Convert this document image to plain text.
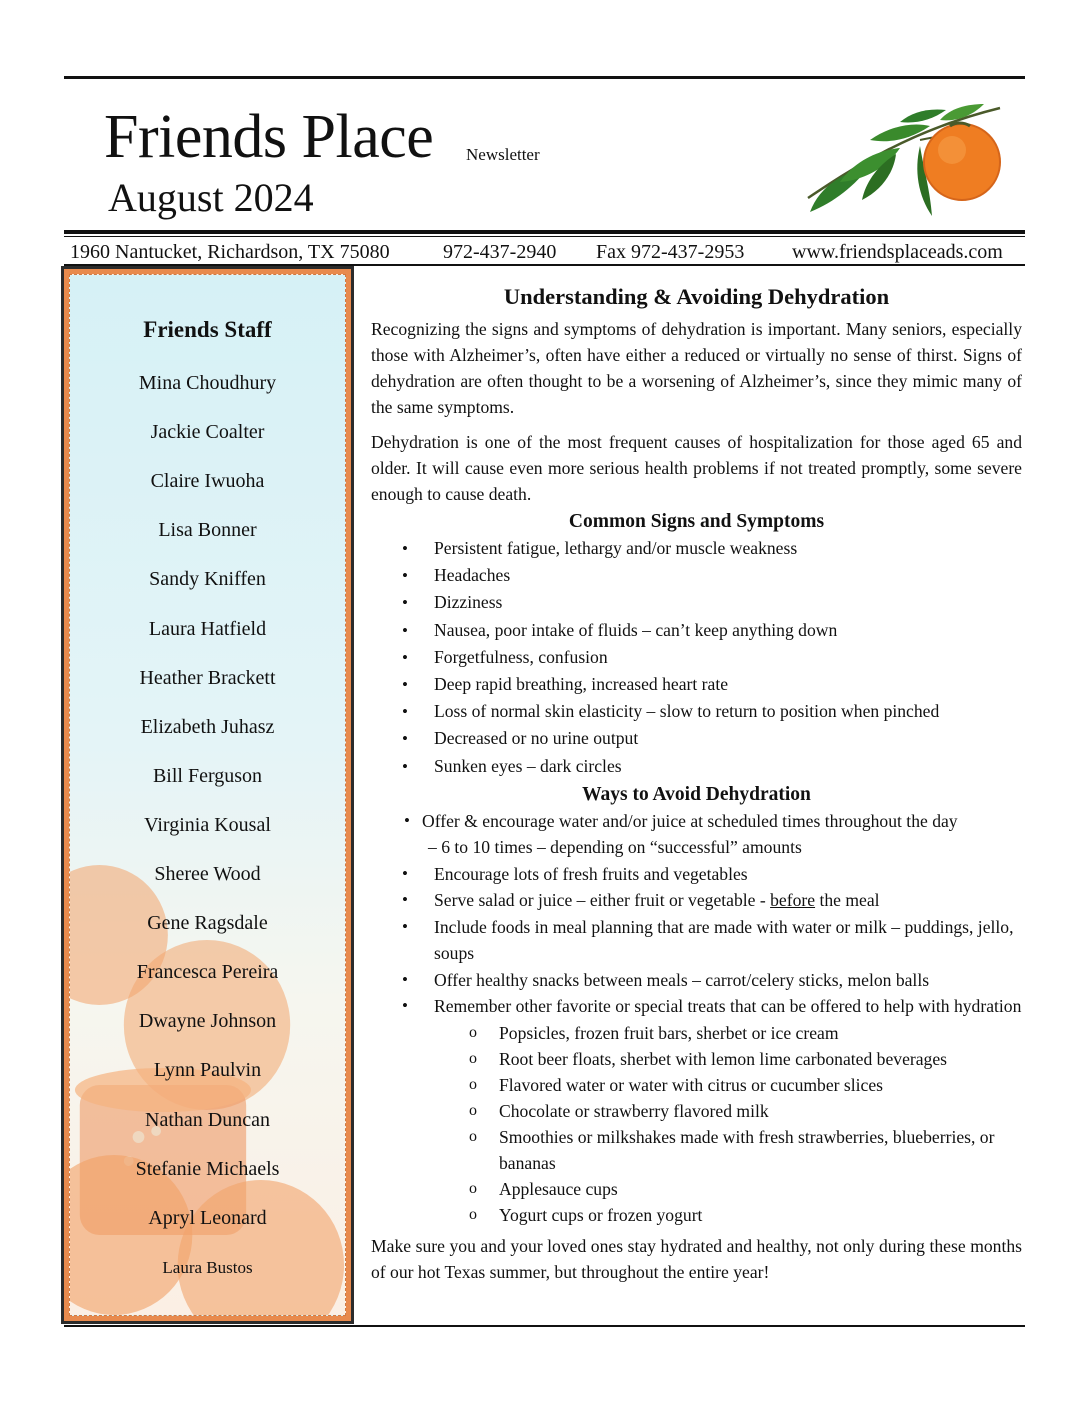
Friends Place Newsletter
August 2024
1960 Nantucket, Richardson, TX 75080	972-437-2940 Fax 972-437-2953 www.friendsplaceads.com
Friends Staff
Mina Choudhury
Jackie Coalter
Claire Iwuoha
Lisa Bonner
Sandy Kniffen
Laura Hatfield
Heather Brackett
Elizabeth Juhasz
Bill Ferguson
Virginia Kousal
Sheree Wood
Gene Ragsdale
Francesca Pereira
Dwayne Johnson
Lynn Paulvin
Nathan Duncan
Stefanie Michaels
Apryl Leonard
Laura Bustos
Understanding & Avoiding Dehydration

Recognizing the signs and symptoms of dehydration is important. Many seniors, especially those with Alzheimer’s, often have either a reduced or virtually no sense of thirst. Signs of dehydration are often thought to be a worsening of Alzheimer’s, since they mimic many of the same symptoms.

Dehydration is one of the most frequent causes of hospitalization for those aged 65 and older. It will cause even more serious health problems if not treated promptly, some severe enough to cause death.

Common Signs and Symptoms
• Persistent fatigue, lethargy and/or muscle weakness
• Headaches
• Dizziness
• Nausea, poor intake of fluids – can’t keep anything down
• Forgetfulness, confusion
• Deep rapid breathing, increased heart rate
• Loss of normal skin elasticity – slow to return to position when pinched
• Decreased or no urine output
• Sunken eyes – dark circles
Ways to Avoid Dehydration
• Offer & encourage water and/or juice at scheduled times throughout the day
– 6 to 10 times – depending on “successful” amounts
• Encourage lots of fresh fruits and vegetables
• Serve salad or juice – either fruit or vegetable - before the meal
• Include foods in meal planning that are made with water or milk – puddings, jello, soups
• Offer healthy snacks between meals – carrot/celery sticks, melon balls
• Remember other favorite or special treats that can be offered to help with hydration
o Popsicles, frozen fruit bars, sherbet or ice cream
o Root beer floats, sherbet with lemon lime carbonated beverages
o Flavored water or water with citrus or cucumber slices
o Chocolate or strawberry flavored milk
o Smoothies or milkshakes made with fresh strawberries, blueberries, or bananas
o Applesauce cups
o Yogurt cups or frozen yogurt

Make sure you and your loved ones stay hydrated and healthy, not only during these months of our hot Texas summer, but throughout the entire year!
